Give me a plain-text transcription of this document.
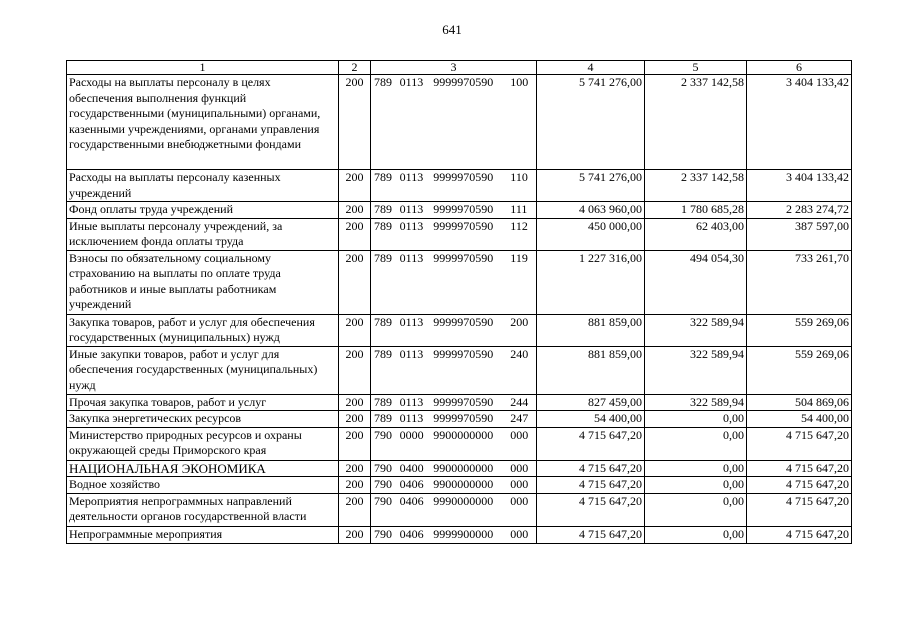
641
1	2	3	4	5	6
Расходы на выплаты персоналу в целях обеспечения выполнения функций государственными (муниципальными) органами, казенными учреждениями, органами управления государственными внебюджетными фондами	200	789 0113 9999970590 100	5 741 276,00	2 337 142,58	3 404 133,42
Расходы на выплаты персоналу казенных учреждений	200	789 0113 9999970590 110	5 741 276,00	2 337 142,58	3 404 133,42
Фонд оплаты труда учреждений	200	789 0113 9999970590 111	4 063 960,00	1 780 685,28	2 283 274,72
Иные выплаты персоналу учреждений, за исключением фонда оплаты труда	200	789 0113 9999970590 112	450 000,00	62 403,00	387 597,00
Взносы по обязательному социальному страхованию на выплаты по оплате труда работников и иные выплаты работникам учреждений	200	789 0113 9999970590 119	1 227 316,00	494 054,30	733 261,70
Закупка товаров, работ и услуг для обеспечения государственных (муниципальных) нужд	200	789 0113 9999970590 200	881 859,00	322 589,94	559 269,06
Иные закупки товаров, работ и услуг для обеспечения государственных (муниципальных) нужд	200	789 0113 9999970590 240	881 859,00	322 589,94	559 269,06
Прочая закупка товаров, работ и услуг	200	789 0113 9999970590 244	827 459,00	322 589,94	504 869,06
Закупка энергетических ресурсов	200	789 0113 9999970590 247	54 400,00	0,00	54 400,00
Министерство природных ресурсов и охраны окружающей среды Приморского края	200	790 0000 9900000000 000	4 715 647,20	0,00	4 715 647,20
НАЦИОНАЛЬНАЯ ЭКОНОМИКА	200	790 0400 9900000000 000	4 715 647,20	0,00	4 715 647,20
Водное хозяйство	200	790 0406 9900000000 000	4 715 647,20	0,00	4 715 647,20
Мероприятия непрограммных направлений деятельности органов государственной власти	200	790 0406 9990000000 000	4 715 647,20	0,00	4 715 647,20
Непрограммные мероприятия	200	790 0406 9999900000 000	4 715 647,20	0,00	4 715 647,20
